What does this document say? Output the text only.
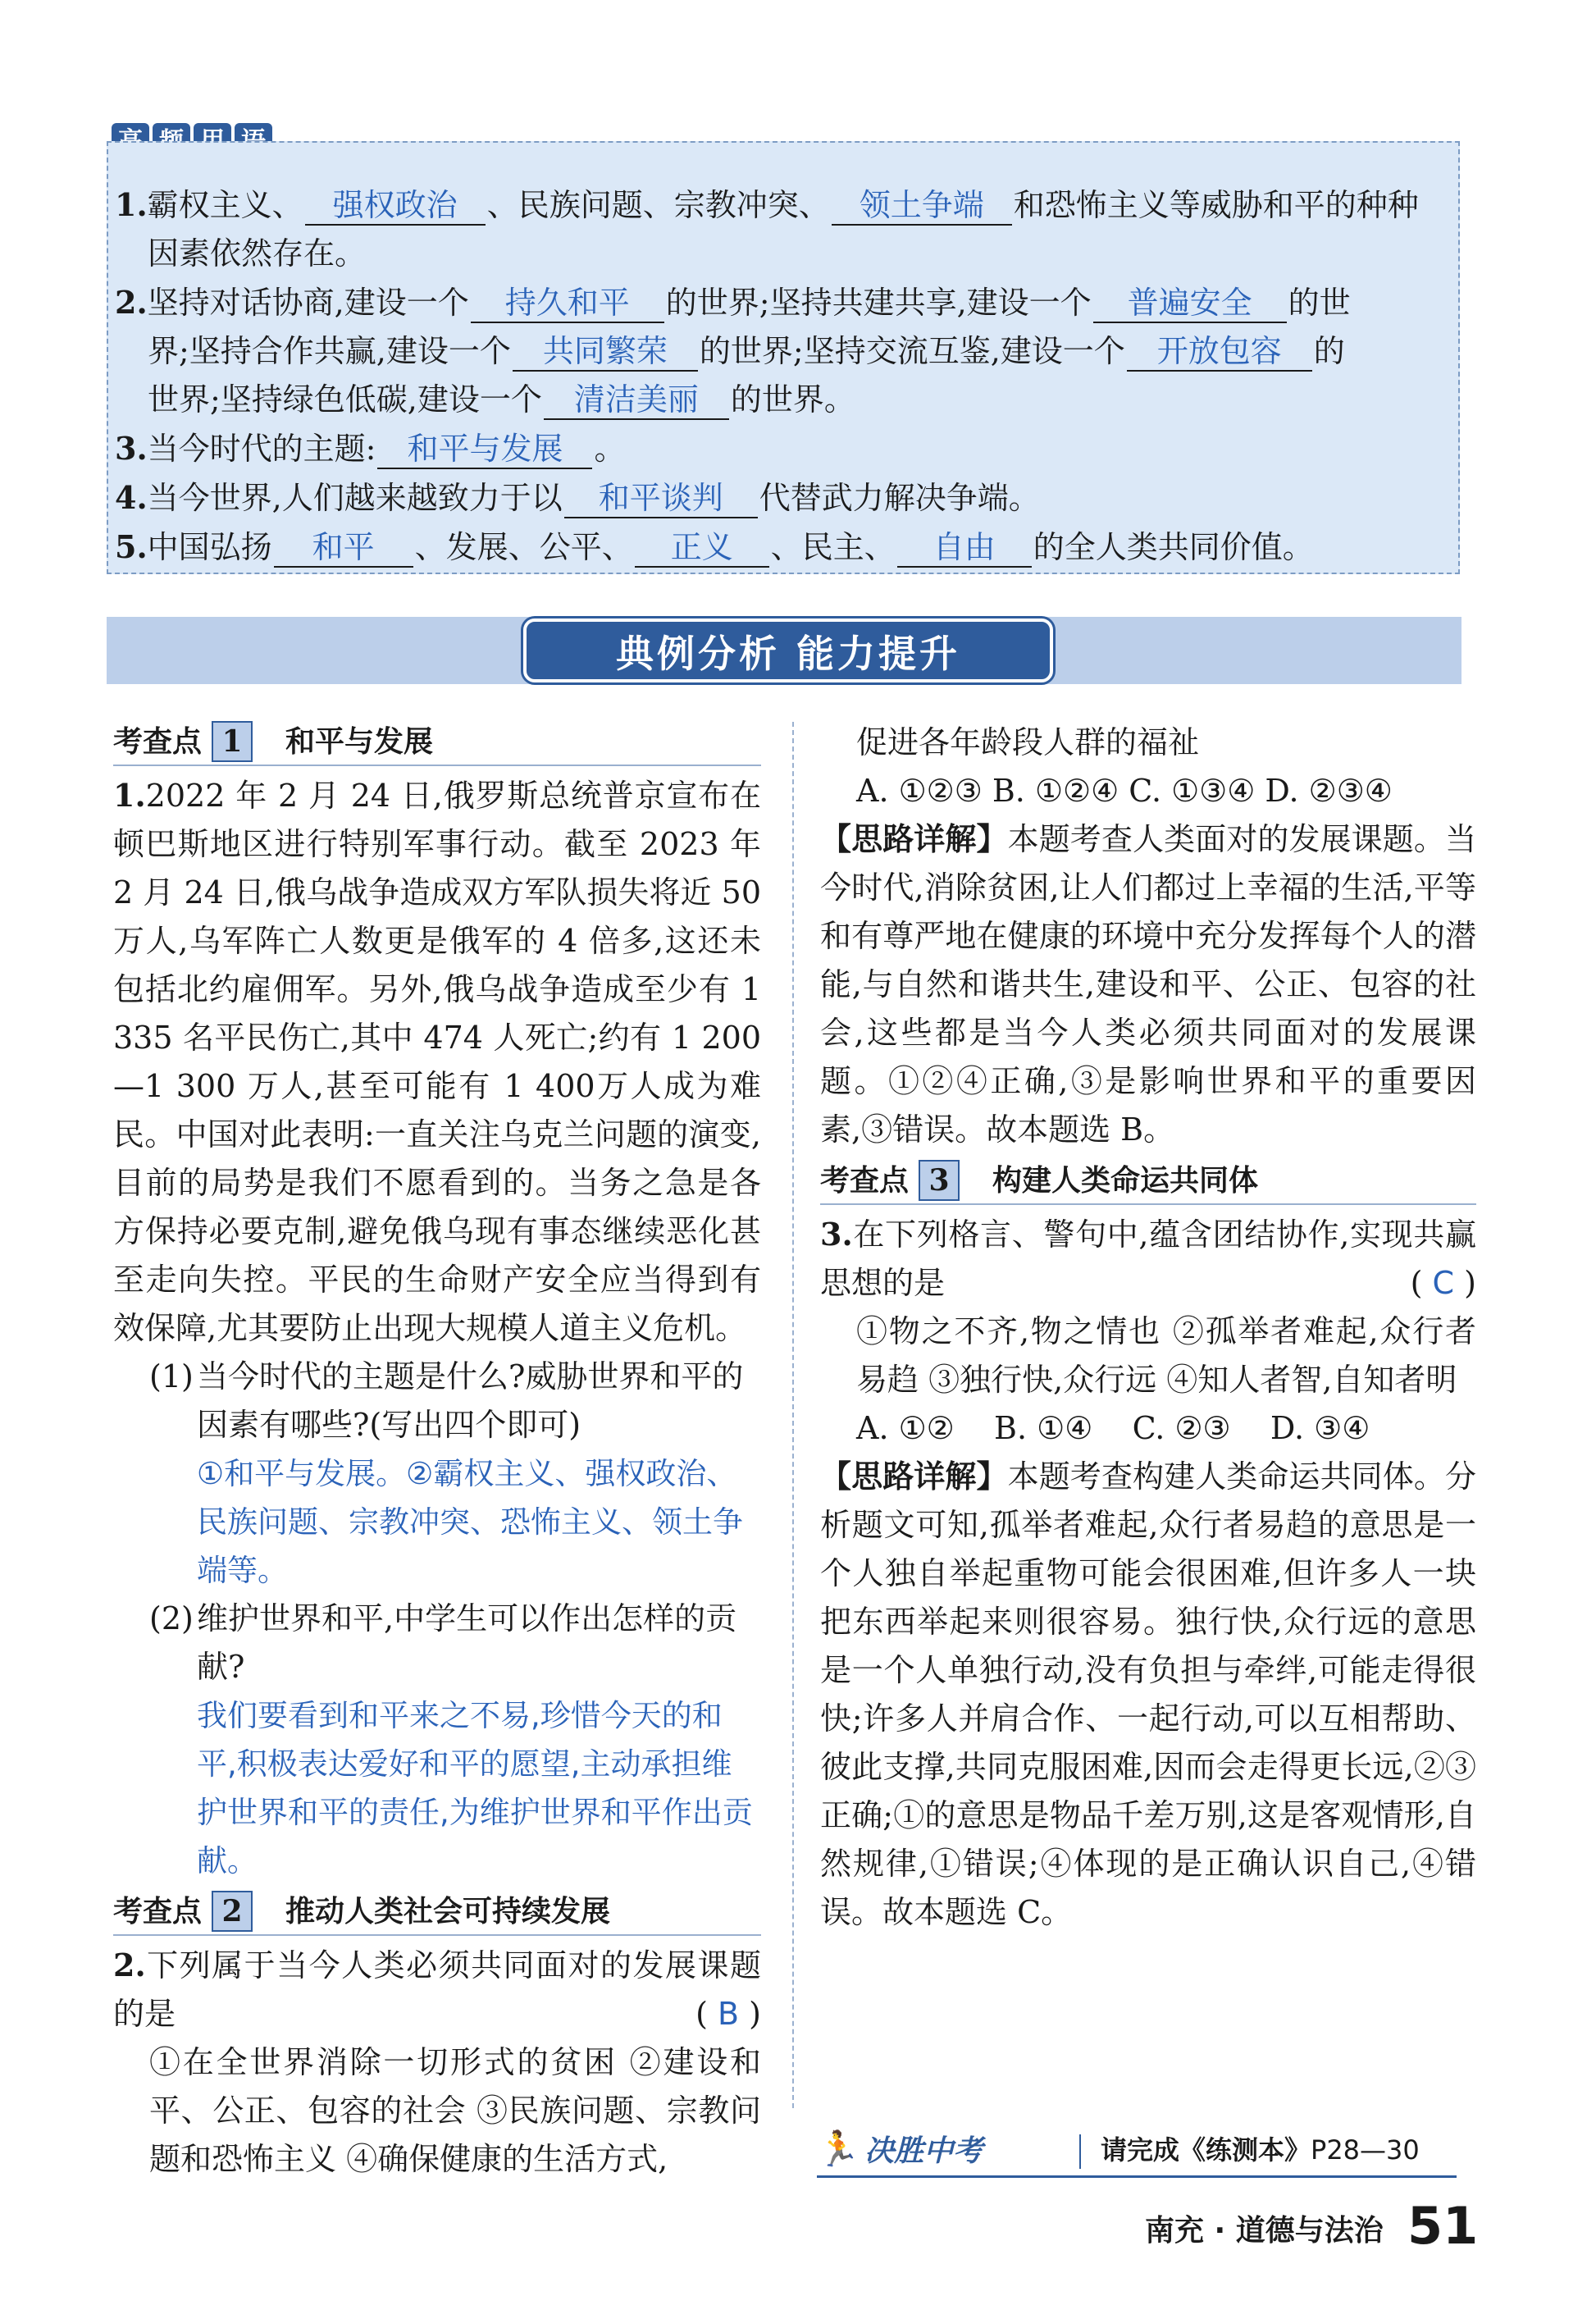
1.霸权主义、 强权政治 、民族问题、宗教冲突、 领土争端 和恐怖主义等威胁和平的种种
因素依然存在。
2.坚持对话协商,建设一个 持久和平 的世界;坚持共建共享,建设一个 普遍安全 的世
界;坚持合作共赢,建设一个 共同繁荣 的世界;坚持交流互鉴,建设一个 开放包容 的
世界;坚持绿色低碳,建设一个 清洁美丽 的世界。
3.当今时代的主题: 和平与发展 。
4.当今世界,人们越来越致力于以 和平谈判 代替武力解决争端。
5.中国弘扬 和平 、发展、公平、 正义 、民主、 自由 的全人类共同价值。
典例分析 能力提升
考查点 1	和平与发展
1.2022 年 2 月 24 日,俄罗斯总统普京宣布在顿巴斯地区进行特别军事行动。截至 2023 年 2 月 24 日,俄乌战争造成双方军队损失将近 50 万人,乌军阵亡人数更是俄军的 4 倍多,这还未包括北约雇佣军。另外,俄乌战争造成至少有 1 335 名平民伤亡,其中 474 人死亡;约有 1 200—1 300 万人,甚至可能有 1 400万人成为难民。中国对此表明:一直关注乌克兰问题的演变,目前的局势是我们不愿看到的。当务之急是各方保持必要克制,避免俄乌现有事态继续恶化甚至走向失控。平民的生命财产安全应当得到有效保障,尤其要防止出现大规模人道主义危机。
(1) 当今时代的主题是什么?威胁世界和平的因素有哪些?(写出四个即可)
①和平与发展。②霸权主义、强权政治、民族问题、宗教冲突、恐怖主义、领土争端等。
(2) 维护世界和平,中学生可以作出怎样的贡献?
我们要看到和平来之不易,珍惜今天的和平,积极表达爱好和平的愿望,主动承担维护世界和平的责任,为维护世界和平作出贡献。
考查点 2	推动人类社会可持续发展
2.下列属于当今人类必须共同面对的发展课题的是	( B )
①在全世界消除一切形式的贫困 ②建设和平、公正、包容的社会 ③民族问题、宗教问题和恐怖主义 ④确保健康的生活方式,
促进各年龄段人群的福祉
A. ①②③ B. ①②④ C. ①③④ D. ②③④
【思路详解】本题考查人类面对的发展课题。当今时代,消除贫困,让人们都过上幸福的生活,平等和有尊严地在健康的环境中充分发挥每个人的潜能,与自然和谐共生,建设和平、公正、包容的社会,这些都是当今人类必须共同面对的发展课题。①②④正确,③是影响世界和平的重要因素,③错误。故本题选 B。
考查点 3	构建人类命运共同体
3.在下列格言、警句中,蕴含团结协作,实现共赢思想的是	( C )
①物之不齐,物之情也 ②孤举者难起,众行者易趋 ③独行快,众行远 ④知人者智,自知者明
A. ①②    B. ①④    C. ②③    D. ③④
【思路详解】本题考查构建人类命运共同体。分析题文可知,孤举者难起,众行者易趋的意思是一个人独自举起重物可能会很困难,但许多人一块把东西举起来则很容易。独行快,众行远的意思是一个人单独行动,没有负担与牵绊,可能走得很快;许多人并肩合作、一起行动,可以互相帮助、彼此支撑,共同克服困难,因而会走得更长远,②③正确;①的意思是物品千差万别,这是客观情形,自然规律,①错误;④体现的是正确认识自己,④错误。故本题选 C。
🏃 决胜中考	请完成《练测本》P28—30
南充 · 道德与法治 51
